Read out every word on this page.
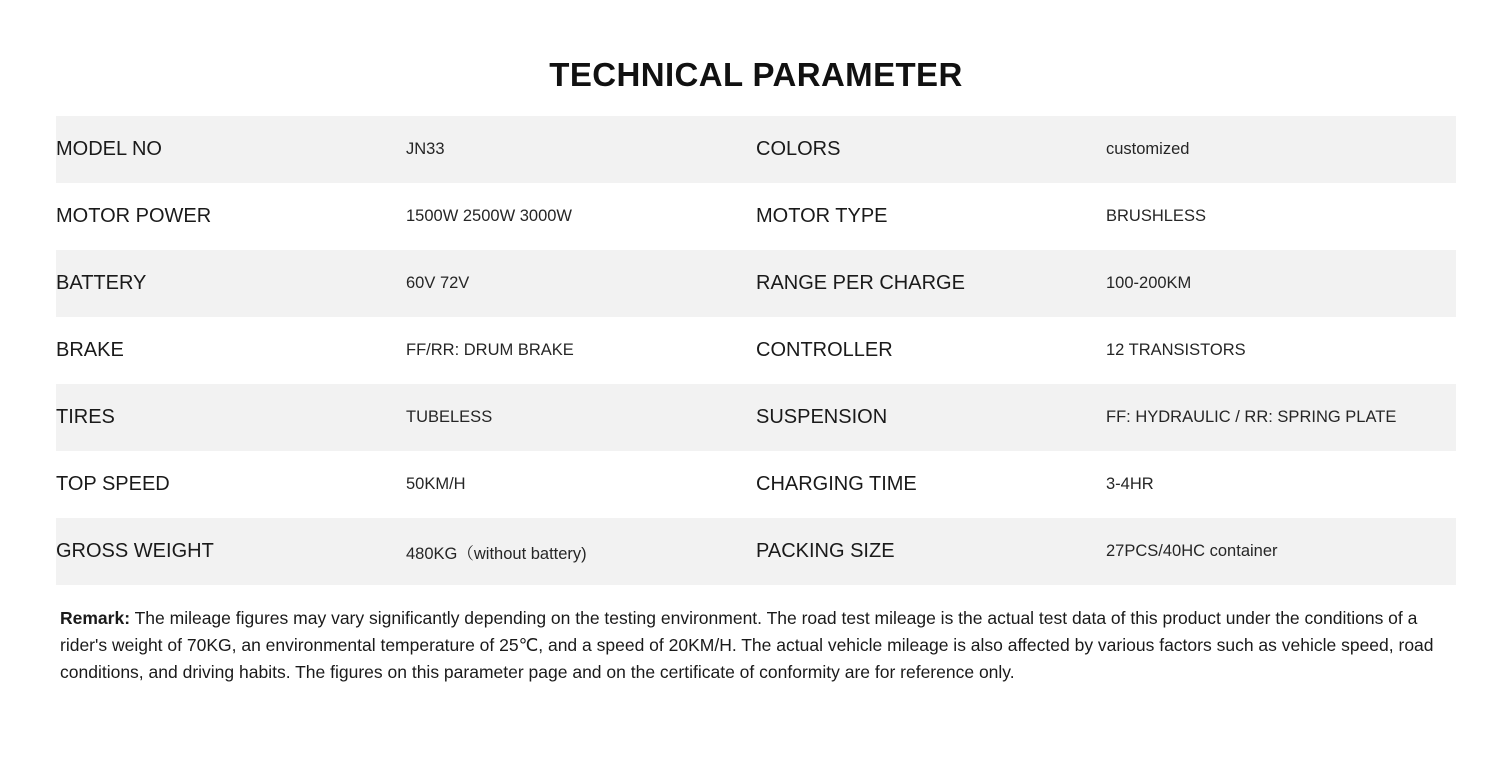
TECHNICAL PARAMETER
MODEL NO	JN33	COLORS	customized
MOTOR POWER	1500W 2500W 3000W	MOTOR TYPE	BRUSHLESS
BATTERY	60V 72V	RANGE PER CHARGE	100-200KM
BRAKE	FF/RR: DRUM BRAKE	CONTROLLER	12 TRANSISTORS
TIRES	TUBELESS	SUSPENSION	FF: HYDRAULIC / RR: SPRING PLATE
TOP SPEED	50KM/H	CHARGING TIME	3-4HR
GROSS WEIGHT	480KG（without battery)	PACKING SIZE	27PCS/40HC container

Remark: The mileage figures may vary significantly depending on the testing environment. The road test mileage is the actual test data of this product under the conditions of a rider's weight of 70KG, an environmental temperature of 25℃, and a speed of 20KM/H. The actual vehicle mileage is also affected by various factors such as vehicle speed, road conditions, and driving habits. The figures on this parameter page and on the certificate of conformity are for reference only.
